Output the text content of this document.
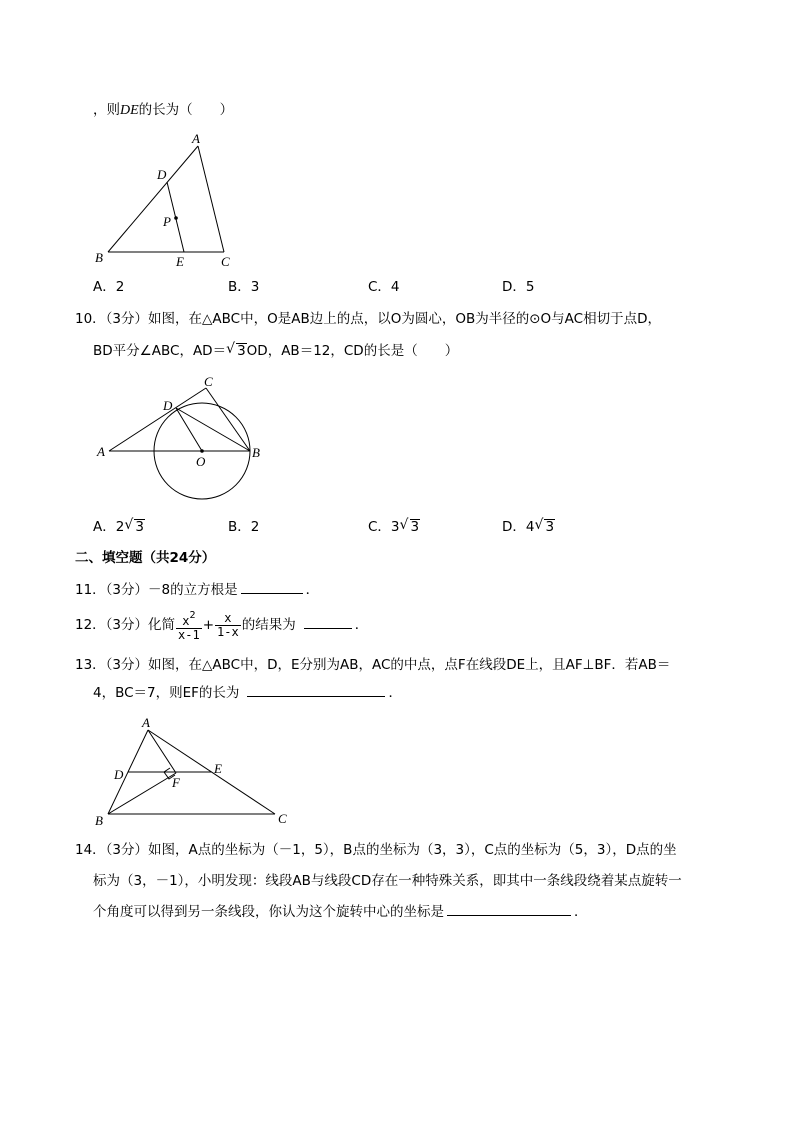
，则DE的长为（　　）
A
D
P
B	E	C
A．2	B．3	C．4	D．5
10．（3分）如图，在△ABC中，O是AB边上的点，以O为圆心，OB为半径的⊙O与AC相切于点D，
BD平分∠ABC，AD＝ √ 3OD，AB＝12，CD的长是（　　）
C
D
A	B
O
A．2 √ 3	B．2	C．3 √ 3	D．4 √ 3
二、填空题（共24分）
11．（3分）－8的立方根是	．
12．（3分）化简 $\frac{x^2}{x-1} + \frac{x}{1-x}$ 的结果为	．
13．（3分）如图，在△ABC中，D，E分别为AB，AC的中点，点F在线段DE上，且AF⊥BF．若AB＝
4，BC＝7，则EF的长为	．
A
D	E
F
B	C
14．（3分）如图，A点的坐标为（－1，5），B点的坐标为（3，3），C点的坐标为（5，3），D点的坐
标为（3，－1），小明发现：线段AB与线段CD存在一种特殊关系，即其中一条线段绕着某点旋转一
个角度可以得到另一条线段，你认为这个旋转中心的坐标是	．
